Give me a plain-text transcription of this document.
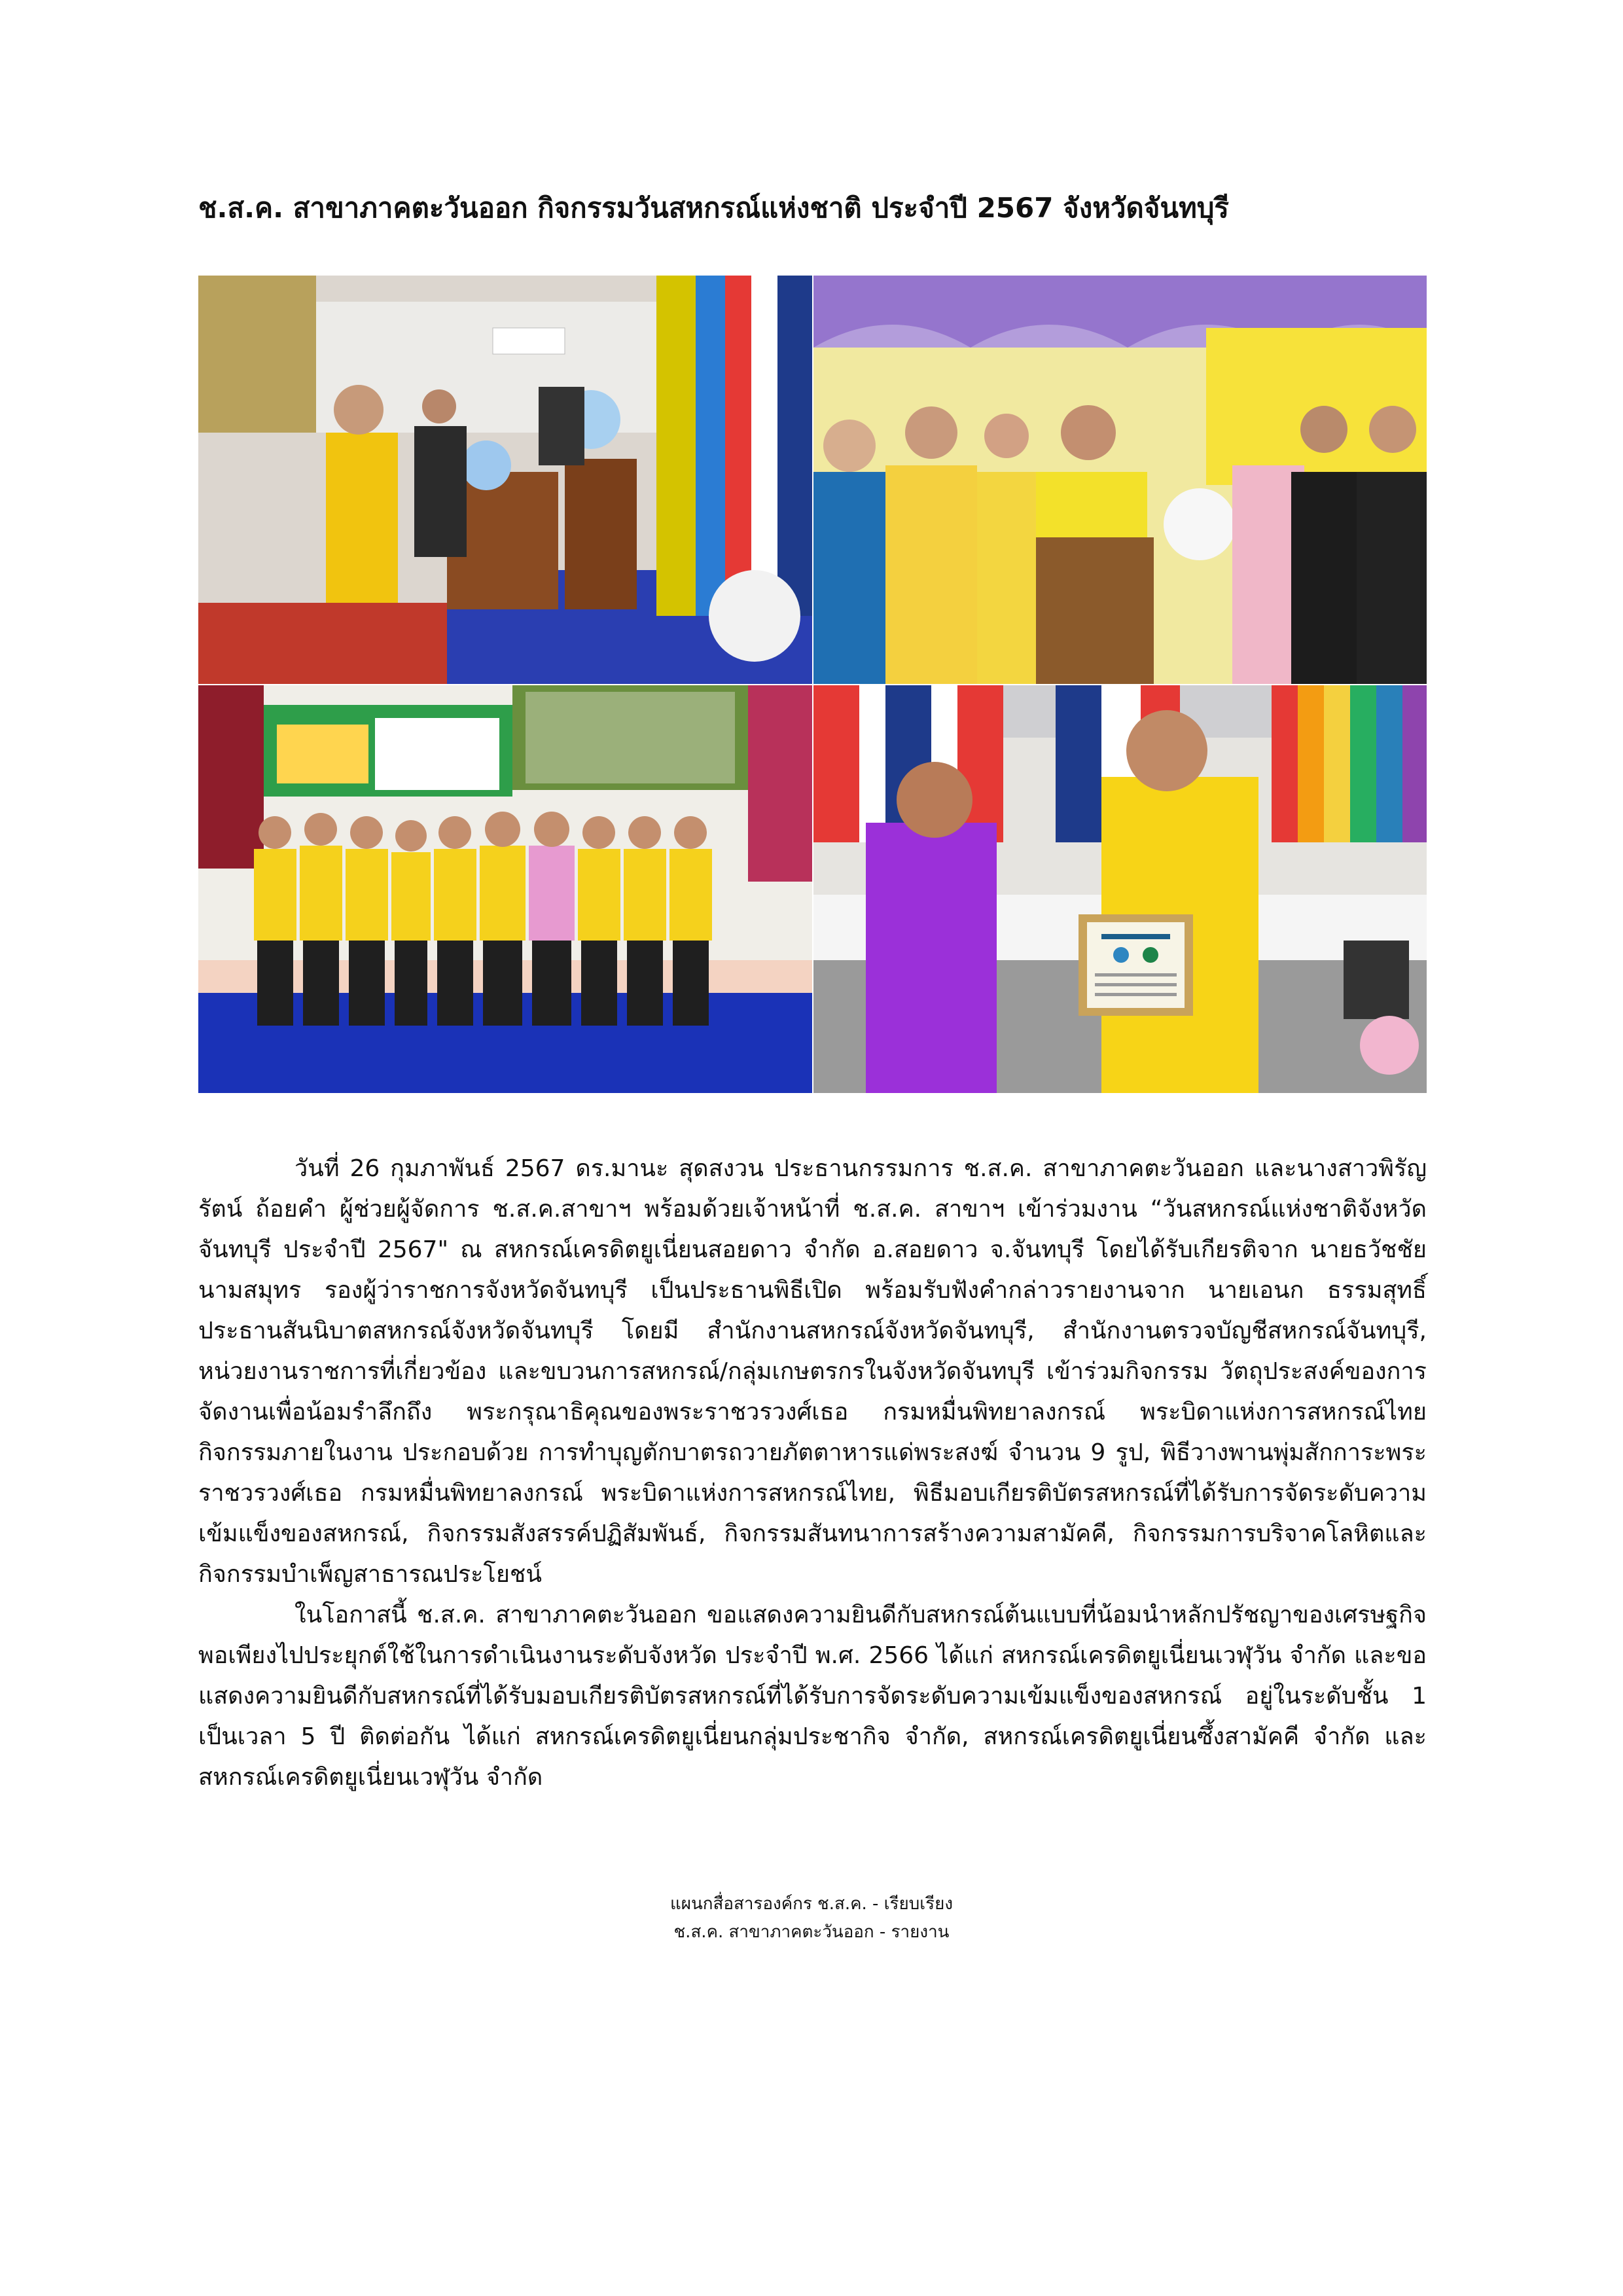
ช.ส.ค. สาขาภาคตะวันออก กิจกรรมวันสหกรณ์แห่งชาติ ประจำปี 2567 จังหวัดจันทบุรี

วันที่ 26 กุมภาพันธ์ 2567 ดร.มานะ สุดสงวน ประธานกรรมการ ช.ส.ค. สาขาภาคตะวันออก และนางสาวพิรัญรัตน์ ถ้อยคำ ผู้ช่วยผู้จัดการ ช.ส.ค.สาขาฯ พร้อมด้วยเจ้าหน้าที่ ช.ส.ค. สาขาฯ เข้าร่วมงาน “วันสหกรณ์แห่งชาติจังหวัดจันทบุรี ประจำปี 2567" ณ สหกรณ์เครดิตยูเนี่ยนสอยดาว จำกัด อ.สอยดาว จ.จันทบุรี โดยได้รับเกียรติจาก นายธวัชชัย นามสมุทร รองผู้ว่าราชการจังหวัดจันทบุรี เป็นประธานพิธีเปิด พร้อมรับฟังคำกล่าวรายงานจาก นายเอนก ธรรมสุทธิ์ ประธานสันนิบาตสหกรณ์จังหวัดจันทบุรี โดยมี สำนักงานสหกรณ์จังหวัดจันทบุรี, สำนักงานตรวจบัญชีสหกรณ์จันทบุรี, หน่วยงานราชการที่เกี่ยวข้อง และขบวนการสหกรณ์/กลุ่มเกษตรกรในจังหวัดจันทบุรี เข้าร่วมกิจกรรม วัตถุประสงค์ของการจัดงานเพื่อน้อมรำลึกถึง พระกรุณาธิคุณของพระราชวรวงศ์เธอ กรมหมื่นพิทยาลงกรณ์ พระบิดาแห่งการสหกรณ์ไทย กิจกรรมภายในงาน ประกอบด้วย การทำบุญตักบาตรถวายภัตตาหารแด่พระสงฆ์ จำนวน 9 รูป, พิธีวางพานพุ่มสักการะพระราชวรวงศ์เธอ กรมหมื่นพิทยาลงกรณ์ พระบิดาแห่งการสหกรณ์ไทย, พิธีมอบเกียรติบัตรสหกรณ์ที่ได้รับการจัดระดับความเข้มแข็งของสหกรณ์, กิจกรรมสังสรรค์ปฏิสัมพันธ์, กิจกรรมสันทนาการสร้างความสามัคคี, กิจกรรมการบริจาคโลหิตและกิจกรรมบำเพ็ญสาธารณประโยชน์

ในโอกาสนี้ ช.ส.ค. สาขาภาคตะวันออก ขอแสดงความยินดีกับสหกรณ์ต้นแบบที่น้อมนำหลักปรัชญาของเศรษฐกิจพอเพียงไปประยุกต์ใช้ในการดำเนินงานระดับจังหวัด ประจำปี พ.ศ. 2566 ได้แก่ สหกรณ์เครดิตยูเนี่ยนเวฬุวัน จำกัด และขอแสดงความยินดีกับสหกรณ์ที่ได้รับมอบเกียรติบัตรสหกรณ์ที่ได้รับการจัดระดับความเข้มแข็งของสหกรณ์ อยู่ในระดับชั้น 1 เป็นเวลา 5 ปี ติดต่อกัน ได้แก่ สหกรณ์เครดิตยูเนี่ยนกลุ่มประชากิจ จำกัด, สหกรณ์เครดิตยูเนี่ยนซึ้งสามัคคี จำกัด และสหกรณ์เครดิตยูเนี่ยนเวฬุวัน จำกัด

แผนกสื่อสารองค์กร ช.ส.ค. - เรียบเรียง
ช.ส.ค. สาขาภาคตะวันออก - รายงาน
